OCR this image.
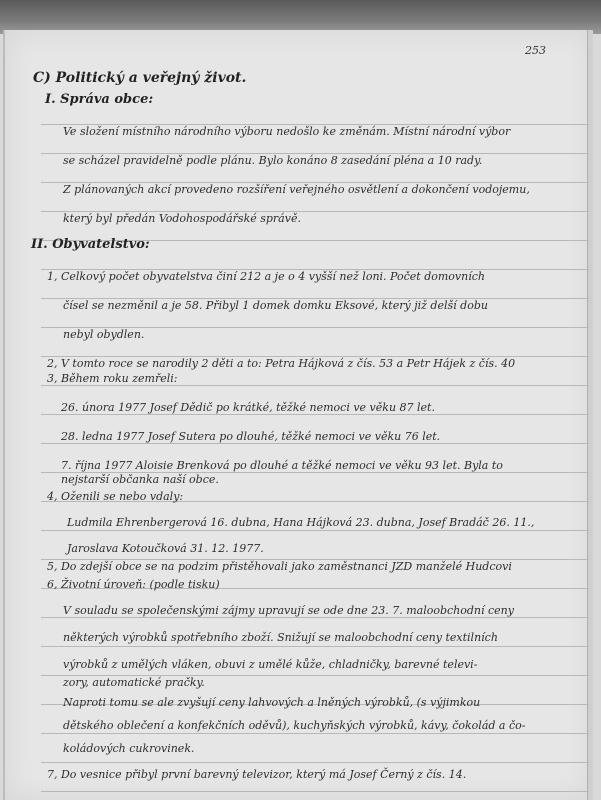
253
C) Politický a veřejný život.
I. Správa obce:
Ve složení místního národního výboru nedošlo ke změnám. Místní národní výbor
se scházel pravidelně podle plánu. Bylo konáno 8 zasedání pléna a 10 rady.
Z plánovaných akcí provedeno rozšíření veřejného osvětlení a dokončení vodojemu,
který byl předán Vodohospodářské správě.
II. Obyvatelstvo:
1, Celkový počet obyvatelstva činí 212 a je o 4 vyšší než loni. Počet domovních
čísel se nezměnil a je 58. Přibyl 1 domek domku Eksové, který již delší dobu
nebyl obydlen.
2, V tomto roce se narodily 2 děti a to: Petra Hájková z čís. 53 a Petr Hájek z čís. 40
3, Během roku zemřeli:
26. února 1977 Josef Dědič po krátké, těžké nemoci ve věku 87 let.
28. ledna 1977 Josef Sutera po dlouhé, těžké nemoci ve věku 76 let.
7. října 1977 Aloisie Brenková po dlouhé a těžké nemoci ve věku 93 let. Byla to
nejstarší občanka naší obce.
4, Oženili se nebo vdaly:
Ludmila Ehrenbergerová 16. dubna, Hana Hájková 23. dubna, Josef Bradáč 26. 11.,
Jaroslava Kotoučková 31. 12. 1977.
5, Do zdejší obce se na podzim přistěhovali jako zaměstnanci JZD manželé Hudcovi
6, Životní úroveň: (podle tisku)
V souladu se společenskými zájmy upravují se ode dne 23. 7. maloobchodní ceny
některých výrobků spotřebního zboží. Snižují se maloobchodní ceny textilních
výrobků z umělých vláken, obuvi z umělé kůže, chladničky, barevné televi-
zory, automatické pračky.
Naproti tomu se ale zvyšují ceny lahvových a lněných výrobků, (s výjimkou
dětského oblečení a konfekčních oděvů), kuchyňských výrobků, kávy, čokolád a čo-
koládových cukrovinek.
7, Do vesnice přibyl první barevný televizor, který má Josef Černý z čís. 14.
